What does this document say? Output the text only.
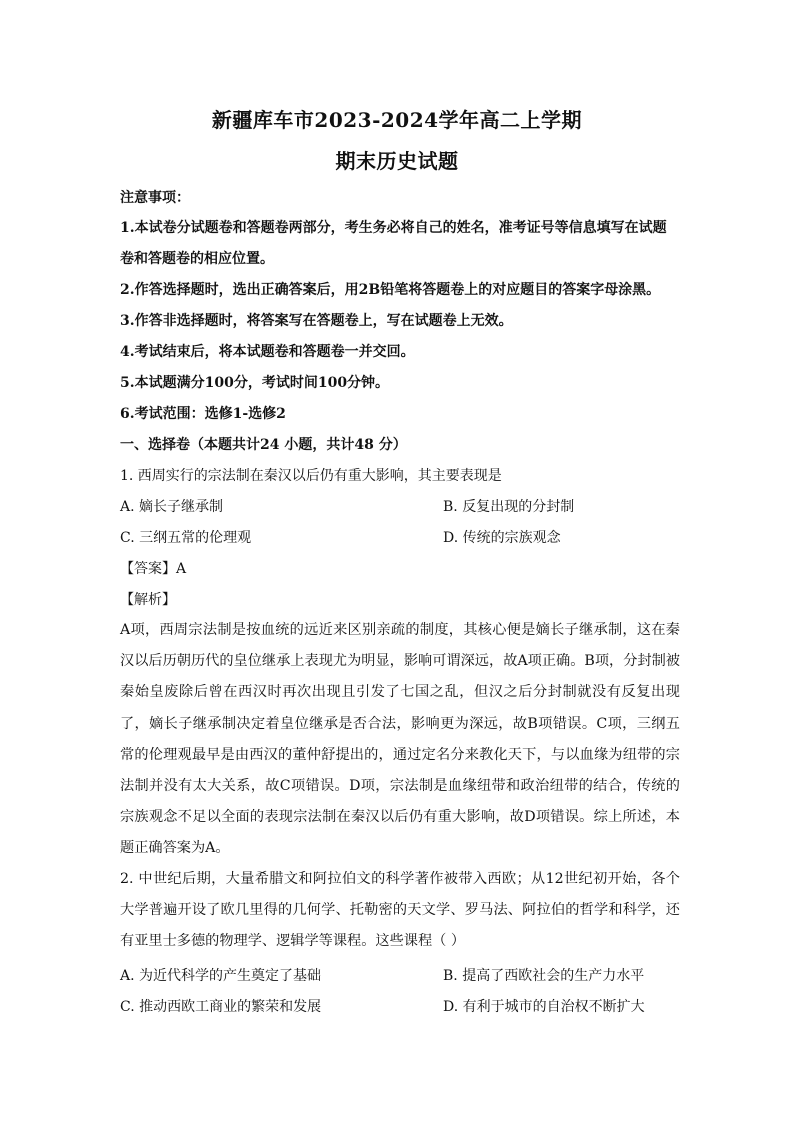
新疆库车市2023-2024学年高二上学期
期末历史试题
注意事项：
1.本试卷分试题卷和答题卷两部分，考生务必将自己的姓名，准考证号等信息填写在试题
卷和答题卷的相应位置。
2.作答选择题时，选出正确答案后，用2B铅笔将答题卷上的对应题目的答案字母涂黑。
3.作答非选择题时，将答案写在答题卷上，写在试题卷上无效。
4.考试结束后，将本试题卷和答题卷一并交回。
5.本试题满分100分，考试时间100分钟。
6.考试范围：选修1-选修2
一、选择卷（本题共计24 小题，共计48 分）
1. 西周实行的宗法制在秦汉以后仍有重大影响，其主要表现是
A. 嫡长子继承制	B. 反复出现的分封制
C. 三纲五常的伦理观	D. 传统的宗族观念
【答案】A
【解析】
A项，西周宗法制是按血统的远近来区别亲疏的制度，其核心便是嫡长子继承制，这在秦汉以后历朝历代的皇位继承上表现尤为明显，影响可谓深远，故A项正确。B项，分封制被秦始皇废除后曾在西汉时再次出现且引发了七国之乱，但汉之后分封制就没有反复出现了，嫡长子继承制决定着皇位继承是否合法，影响更为深远，故B项错误。C项，三纲五常的伦理观最早是由西汉的董仲舒提出的，通过定名分来教化天下，与以血缘为纽带的宗法制并没有太大关系，故C项错误。D项，宗法制是血缘纽带和政治纽带的结合，传统的宗族观念不足以全面的表现宗法制在秦汉以后仍有重大影响，故D项错误。综上所述，本题正确答案为A。
2. 中世纪后期，大量希腊文和阿拉伯文的科学著作被带入西欧；从12世纪初开始，各个大学普遍开设了欧几里得的几何学、托勒密的天文学、罗马法、阿拉伯的哲学和科学，还有亚里士多德的物理学、逻辑学等课程。这些课程（ ）
A. 为近代科学的产生奠定了基础	B. 提高了西欧社会的生产力水平
C. 推动西欧工商业的繁荣和发展	D. 有利于城市的自治权不断扩大
